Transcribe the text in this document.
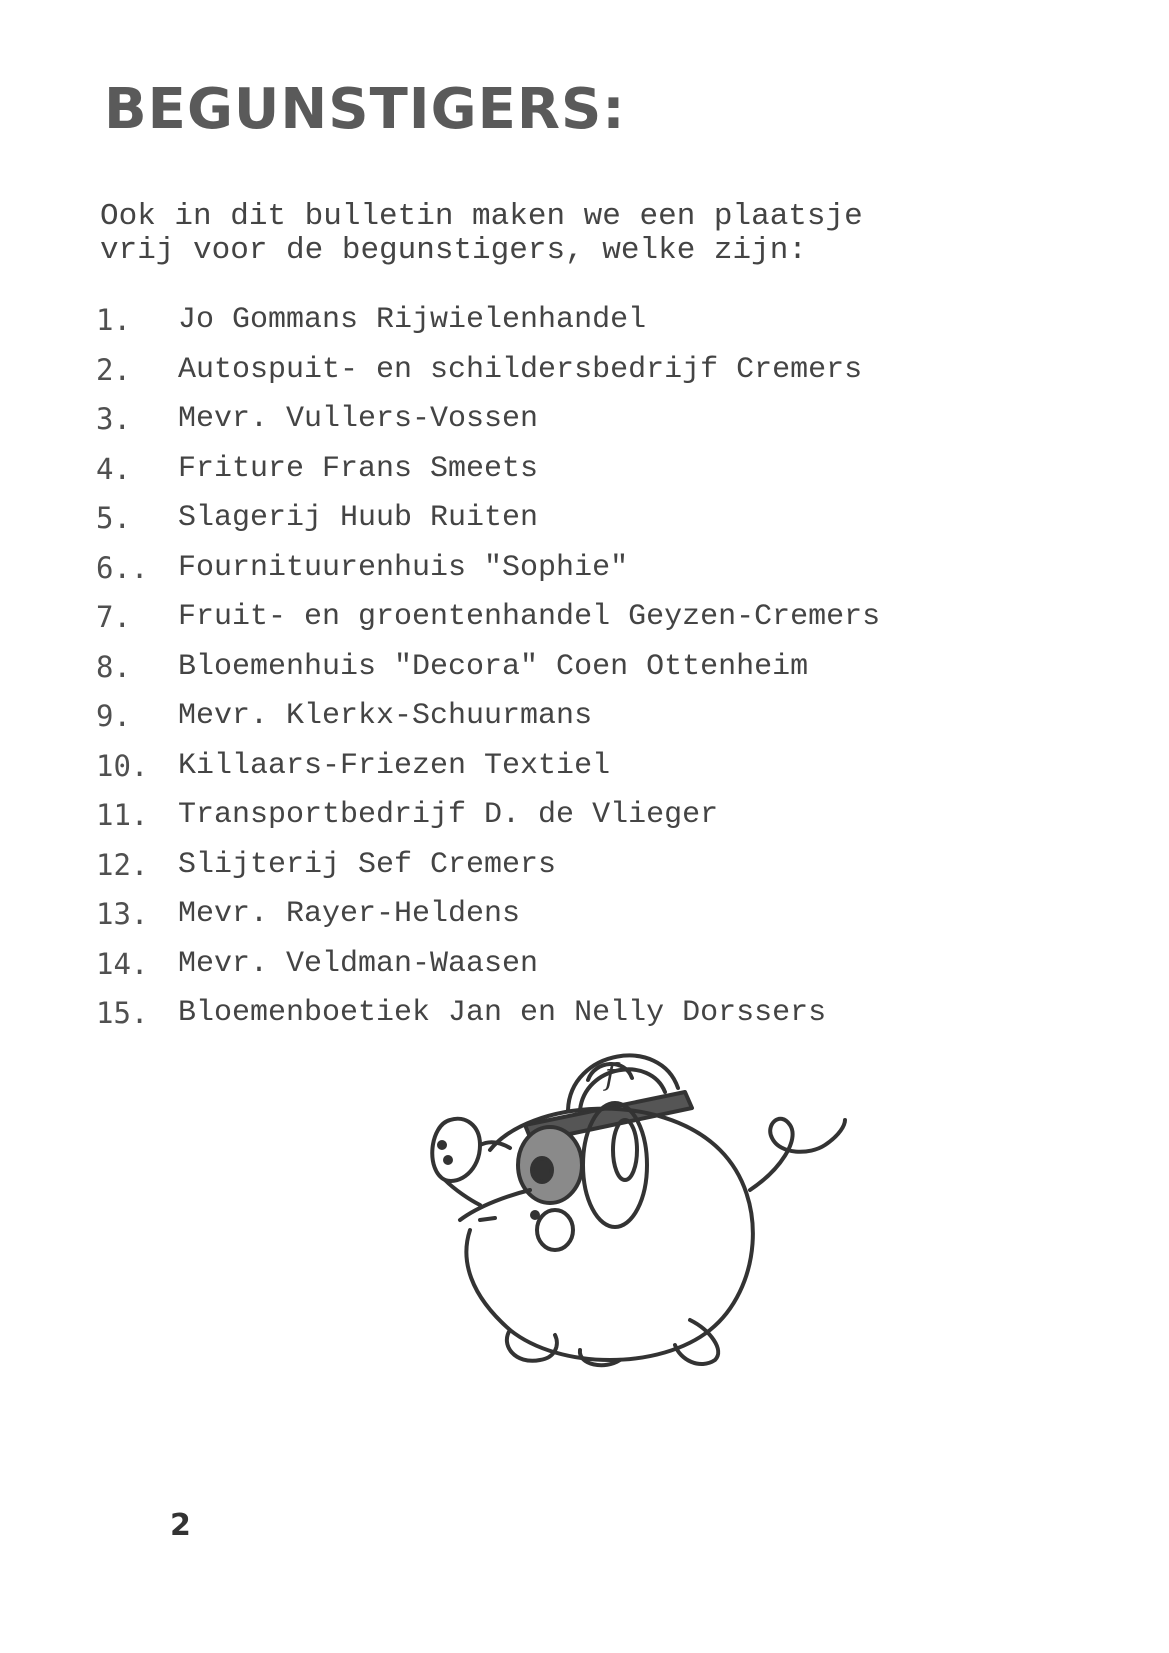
BEGUNSTIGERS:
Ook in dit bulletin maken we een plaatsje
vrij voor de begunstigers, welke zijn:
1.	Jo Gommans Rijwielenhandel
2.	Autospuit- en schildersbedrijf Cremers
3.	Mevr. Vullers-Vossen
4.	Friture Frans Smeets
5.	Slagerij Huub Ruiten
6.. Fournituurenhuis "Sophie"
7.	Fruit- en groentenhandel Geyzen-Cremers
8.	Bloemenhuis "Decora" Coen Ottenheim
9.	Mevr. Klerkx-Schuurmans
10. Killaars-Friezen Textiel
11. Transportbedrijf D. de Vlieger
12. Slijterij Sef Cremers
13. Mevr. Rayer-Heldens
14. Mevr. Veldman-Waasen
15. Bloemenboetiek Jan en Nelly Dorssers
f
2
